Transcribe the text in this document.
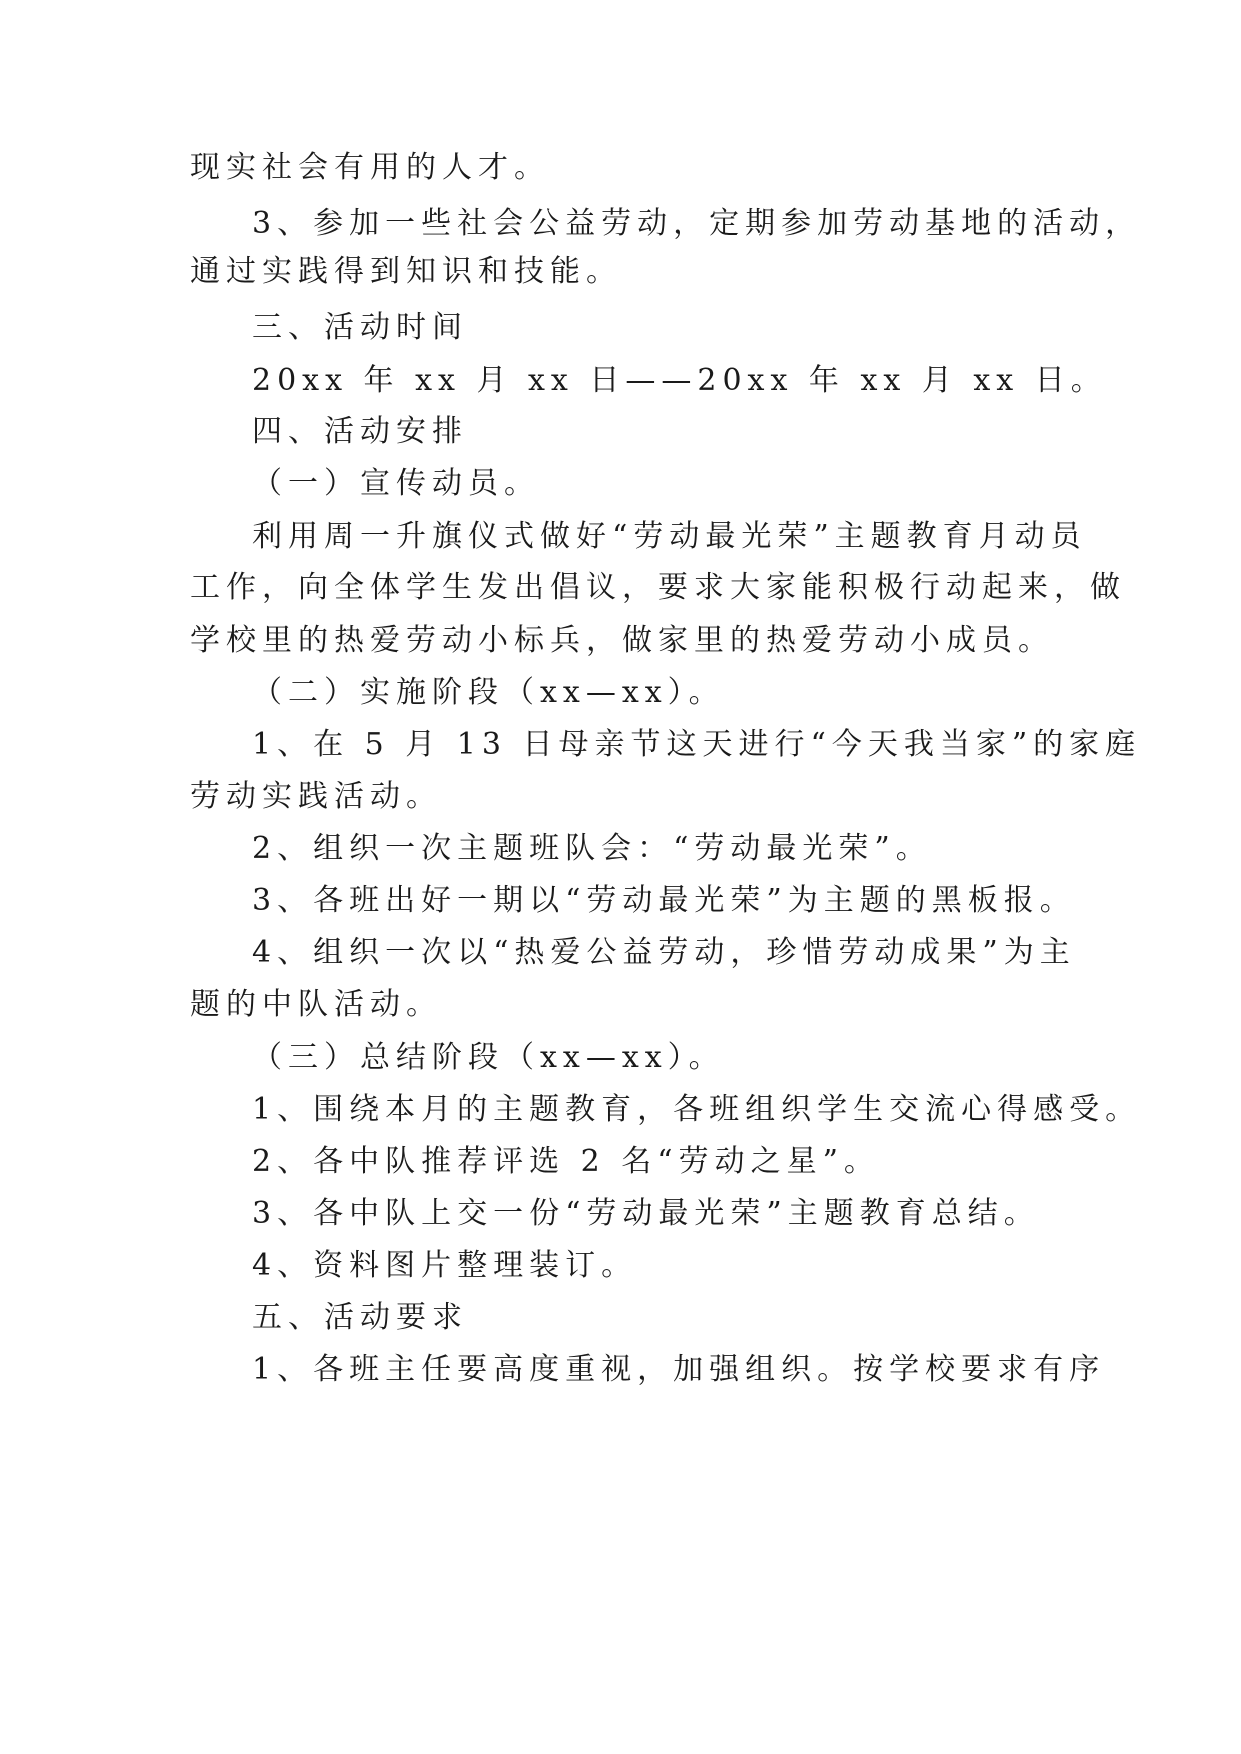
现实社会有用的人才。
3、参加一些社会公益劳动，定期参加劳动基地的活动，
通过实践得到知识和技能。
三、活动时间
20xx 年 xx 月 xx 日——20xx 年 xx 月 xx 日。
四、活动安排
（一）宣传动员。
利用周一升旗仪式做好“劳动最光荣”主题教育月动员
工作，向全体学生发出倡议，要求大家能积极行动起来，做
学校里的热爱劳动小标兵，做家里的热爱劳动小成员。
（二）实施阶段（xx—xx）。
1、在 5 月 13 日母亲节这天进行“今天我当家”的家庭
劳动实践活动。
2、组织一次主题班队会：“劳动最光荣”。
3、各班出好一期以“劳动最光荣”为主题的黑板报。
4、组织一次以“热爱公益劳动，珍惜劳动成果”为主
题的中队活动。
（三）总结阶段（xx—xx）。
1、围绕本月的主题教育，各班组织学生交流心得感受。
2、各中队推荐评选 2 名“劳动之星”。
3、各中队上交一份“劳动最光荣”主题教育总结。
4、资料图片整理装订。
五、活动要求
1、各班主任要高度重视，加强组织。按学校要求有序
